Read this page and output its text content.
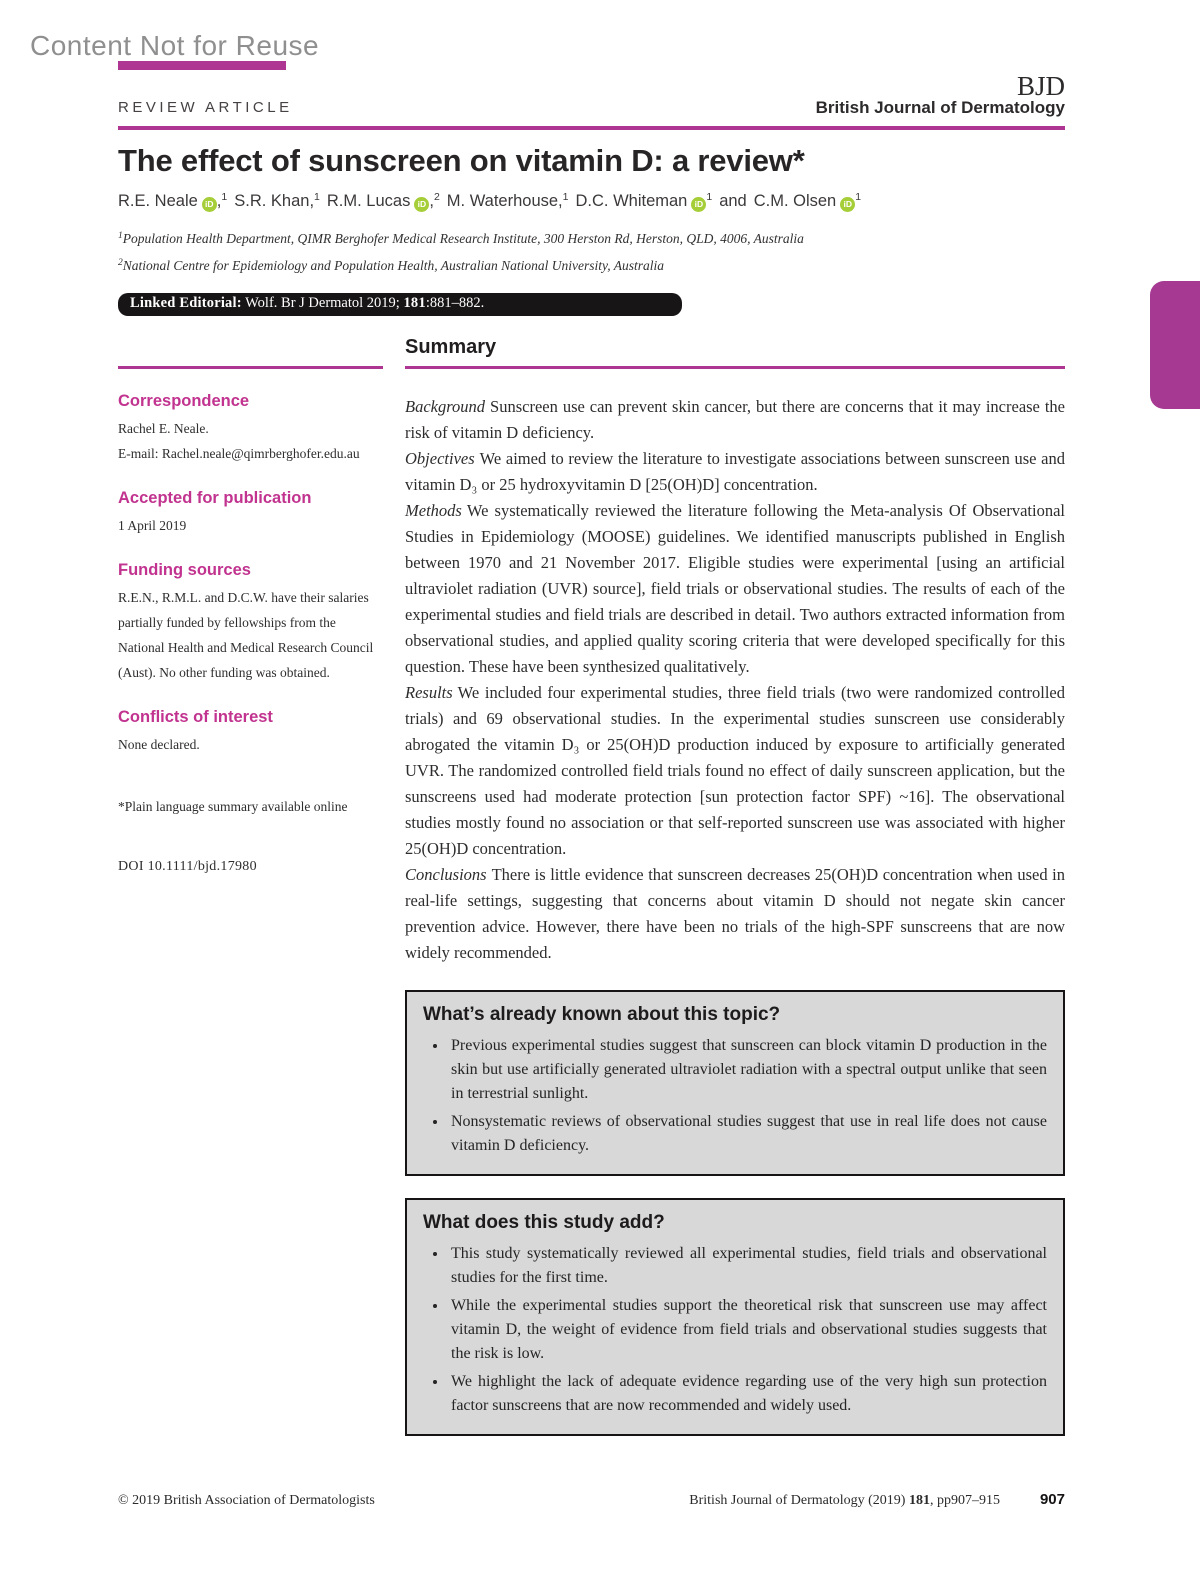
Content Not for Reuse
REVIEW ARTICLE
BJD
British Journal of Dermatology
The effect of sunscreen on vitamin D: a review*
R.E. Neale iD ,$^1$ S.R. Khan,$^1$ R.M. Lucas iD ,$^2$ M. Waterhouse,$^1$ D.C. Whiteman $iD^1$ and C.M. Olsen $iD^1$
$^1$Population Health Department, QIMR Berghofer Medical Research Institute, 300 Herston Rd, Herston, QLD, 4006, Australia
$^2$National Centre for Epidemiology and Population Health, Australian National University, Australia
Linked Editorial: Wolf. Br J Dermatol 2019; 181:881–882.
Correspondence
Rachel E. Neale.
E-mail: Rachel.neale@qimrberghofer.edu.au
Accepted for publication
1 April 2019
Funding sources
R.E.N., R.M.L. and D.C.W. have their salaries partially funded by fellowships from the National Health and Medical Research Council (Aust). No other funding was obtained.
Conflicts of interest
None declared.
*Plain language summary available online
DOI 10.1111/bjd.17980
Summary

Background Sunscreen use can prevent skin cancer, but there are concerns that it may increase the risk of vitamin D deficiency.

Objectives We aimed to review the literature to investigate associations between sunscreen use and vitamin D₃ or 25 hydroxyvitamin D [25(OH)D] concentration.

Methods We systematically reviewed the literature following the Meta-analysis Of Observational Studies in Epidemiology (MOOSE) guidelines. We identified manuscripts published in English between 1970 and 21 November 2017. Eligible studies were experimental [using an artificial ultraviolet radiation (UVR) source], field trials or observational studies. The results of each of the experimental studies and field trials are described in detail. Two authors extracted information from observational studies, and applied quality scoring criteria that were developed specifically for this question. These have been synthesized qualitatively.

Results We included four experimental studies, three field trials (two were randomized controlled trials) and 69 observational studies. In the experimental studies sunscreen use considerably abrogated the vitamin D₃ or 25(OH)D production induced by exposure to artificially generated UVR. The randomized controlled field trials found no effect of daily sunscreen application, but the sunscreens used had moderate protection [sun protection factor SPF) ~16]. The observational studies mostly found no association or that self-reported sunscreen use was associated with higher 25(OH)D concentration.

Conclusions There is little evidence that sunscreen decreases 25(OH)D concentration when used in real-life settings, suggesting that concerns about vitamin D should not negate skin cancer prevention advice. However, there have been no trials of the high-SPF sunscreens that are now widely recommended.

What’s already known about this topic?
• Previous experimental studies suggest that sunscreen can block vitamin D production in the skin but use artificially generated ultraviolet radiation with a spectral output unlike that seen in terrestrial sunlight.
• Nonsystematic reviews of observational studies suggest that use in real life does not cause vitamin D deficiency.
What does this study add?
• This study systematically reviewed all experimental studies, field trials and observational studies for the first time.
• While the experimental studies support the theoretical risk that sunscreen use may affect vitamin D, the weight of evidence from field trials and observational studies suggests that the risk is low.
• We highlight the lack of adequate evidence regarding use of the very high sun protection factor sunscreens that are now recommended and widely used.
© 2019 British Association of Dermatologists	British Journal of Dermatology (2019) 181, pp907–915	907
